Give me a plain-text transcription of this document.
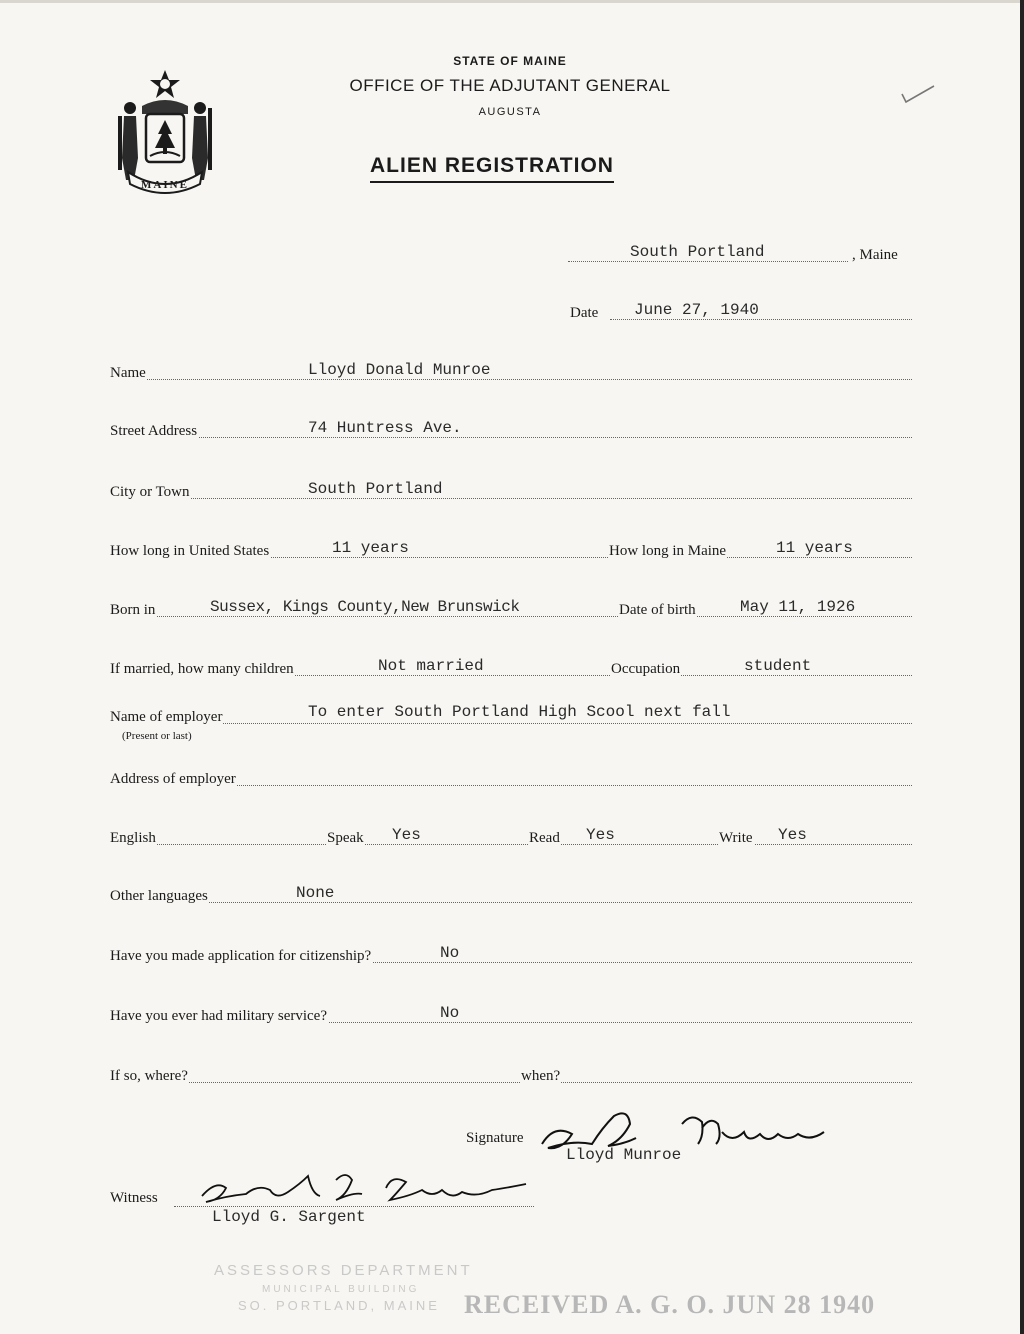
MAINE
STATE OF MAINE
OFFICE OF THE ADJUTANT GENERAL
AUGUSTA
ALIEN REGISTRATION
South Portland	, Maine
Date June 27, 1940
Name	Lloyd Donald Munroe
Street Address	74 Huntress Ave.
City or Town	South Portland
How long in United States	11 years	How long in Maine	11 years
Born in	Sussex, Kings County,New Brunswick	Date of birth	May 11, 1926
If married, how many children	Not married	Occupation	student
Name of employer	To enter South Portland High Scool next fall
(Present or last)
Address of employer
English	Speak Yes	Read Yes	Write Yes
Other languages	None
Have you made application for citizenship?	No
Have you ever had military service?	No
If so, where?	when?
Signature
Lloyd Munroe
Witness
Lloyd G. Sargent
ASSESSORS DEPARTMENT
MUNICIPAL BUILDING
SO. PORTLAND, MAINE RECEIVED A. G. O. JUN 28 1940
